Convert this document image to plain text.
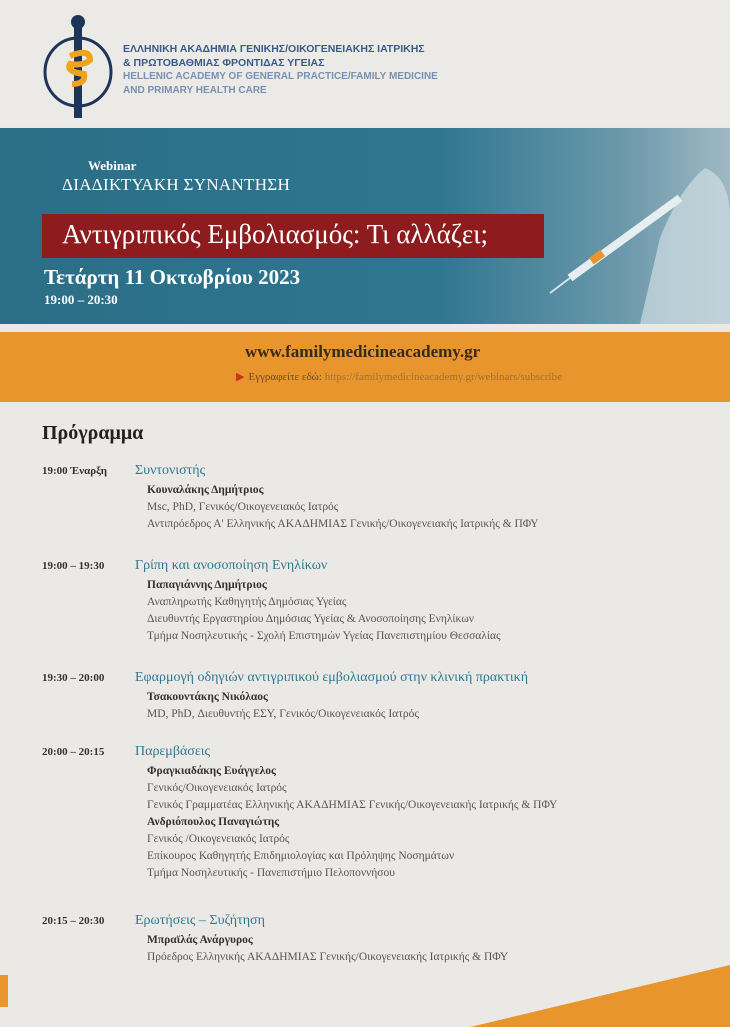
ΕΛΛΗΝΙΚΗ ΑΚΑΔΗΜΙΑ ΓΕΝΙΚΗΣ/ΟΙΚΟΓΕΝΕΙΑΚΗΣ ΙΑΤΡΙΚΗΣ
& ΠΡΩΤΟΒΑΘΜΙΑΣ ΦΡΟΝΤΙΔΑΣ ΥΓΕΙΑΣ
HELLENIC ACADEMY OF GENERAL PRACTICE/FAMILY MEDICINE
AND PRIMARY HEALTH CARE
Webinar
ΔΙΑΔΙΚΤΥΑΚΗ ΣΥΝΑΝΤΗΣΗ
Αντιγριπικός Εμβολιασμός: Τι αλλάζει;
Τετάρτη 11 Οκτωβρίου 2023
19:00 – 20:30
www.familymedicineacademy.gr
▶ Εγγραφείτε εδώ: https://familymedicineacademy.gr/webinars/subscribe
Πρόγραμμα
19:00 Έναρξη Συντονιστής
Κουναλάκης Δημήτριος
Msc, PhD, Γενικός/Οικογενειακός Ιατρός
Αντιπρόεδρος Α' Ελληνικής ΑΚΑΔΗΜΙΑΣ Γενικής/Οικογενειακής Ιατρικής & ΠΦΥ
19:00 – 19:30 Γρίπη και ανοσοποίηση Ενηλίκων
Παπαγιάννης Δημήτριος
Αναπληρωτής Καθηγητής Δημόσιας Υγείας
Διευθυντής Εργαστηρίου Δημόσιας Υγείας & Ανοσοποίησης Ενηλίκων
Τμήμα Νοσηλευτικής - Σχολή Επιστημών Υγείας Πανεπιστημίου Θεσσαλίας
19:30 – 20:00 Εφαρμογή οδηγιών αντιγριπικού εμβολιασμού στην κλινική πρακτική
Τσακουντάκης Νικόλαος
MD, PhD, Διευθυντής ΕΣΥ, Γενικός/Οικογενειακός Ιατρός
20:00 – 20:15 Παρεμβάσεις
Φραγκιαδάκης Ευάγγελος
Γενικός/Οικογενειακός Ιατρός
Γενικός Γραμματέας Ελληνικής ΑΚΑΔΗΜΙΑΣ Γενικής/Οικογενειακής Ιατρικής & ΠΦΥ
Ανδριόπουλος Παναγιώτης
Γενικός /Οικογενειακός Ιατρός
Επίκουρος Καθηγητής Επιδημιολογίας και Πρόληψης Νοσημάτων
Τμήμα Νοσηλευτικής - Πανεπιστήμιο Πελοποννήσου
20:15 – 20:30 Ερωτήσεις – Συζήτηση
Μπραϊλάς Ανάργυρος
Πρόεδρος Ελληνικής ΑΚΑΔΗΜΙΑΣ Γενικής/Οικογενειακής Ιατρικής & ΠΦΥ
